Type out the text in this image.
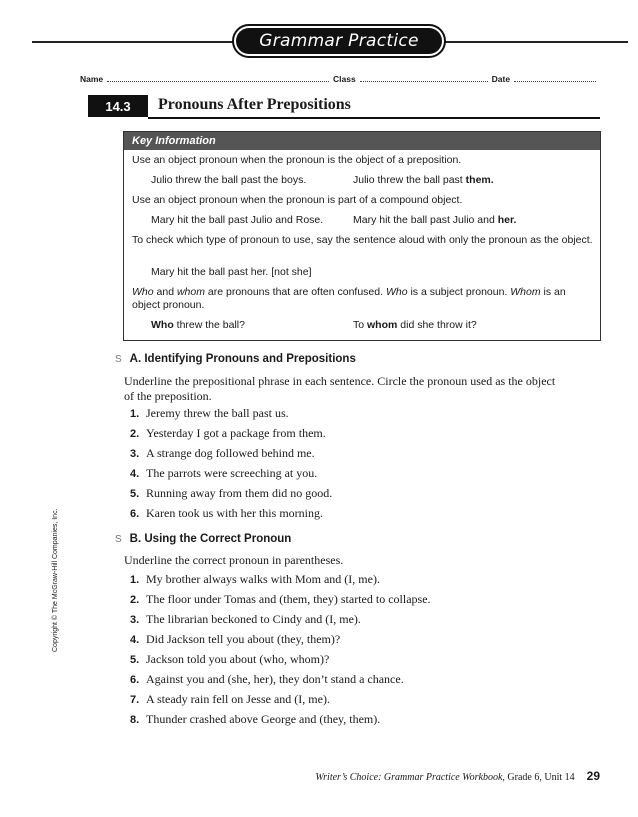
Grammar Practice
Name	Class	Date
14.3	Pronouns After Prepositions
Key Information
Use an object pronoun when the pronoun is the object of a preposition.
Julio threw the ball past the boys.	Julio threw the ball past them.
Use an object pronoun when the pronoun is part of a compound object.
Mary hit the ball past Julio and Rose.	Mary hit the ball past Julio and her.
To check which type of pronoun to use, say the sentence aloud with only the pronoun as the object.
Mary hit the ball past her. [not she]
Who and whom are pronouns that are often confused. Who is a subject pronoun. Whom is an object pronoun.
Who threw the ball?	To whom did she throw it?
S A. Identifying Pronouns and Prepositions
Underline the prepositional phrase in each sentence. Circle the pronoun used as the object of the preposition.
1. Jeremy threw the ball past us.
2. Yesterday I got a package from them.
3. A strange dog followed behind me.
4. The parrots were screeching at you.
5. Running away from them did no good.
6. Karen took us with her this morning.
S B. Using the Correct Pronoun
Underline the correct pronoun in parentheses.
1. My brother always walks with Mom and (I, me).
2. The floor under Tomas and (them, they) started to collapse.
3. The librarian beckoned to Cindy and (I, me).
4. Did Jackson tell you about (they, them)?
5. Jackson told you about (who, whom)?
6. Against you and (she, her), they don’t stand a chance.
7. A steady rain fell on Jesse and (I, me).
8. Thunder crashed above George and (they, them).
Copyright © The McGraw-Hill Companies, Inc.
Writer’s Choice: Grammar Practice Workbook, Grade 6, Unit 14 29
